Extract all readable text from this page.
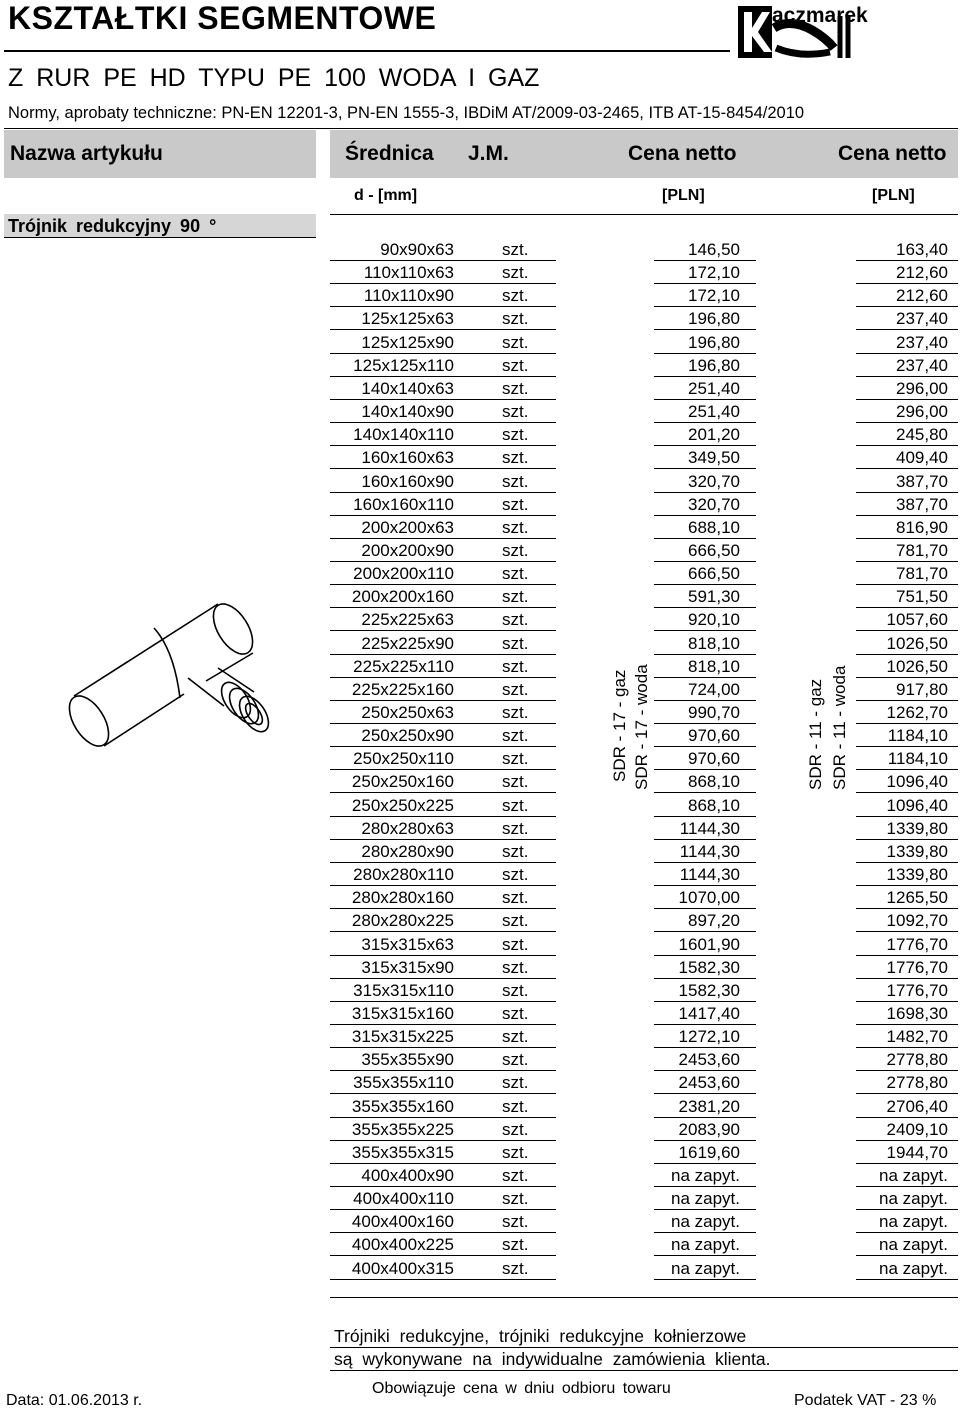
KSZTAŁTKI SEGMENTOWE	aczmarek
Z RUR PE HD TYPU PE 100 WODA I GAZ
Normy, aprobaty techniczne: PN-EN 12201-3, PN-EN 1555-3, IBDiM AT/2009-03-2465, ITB AT-15-8454/2010
Nazwa artykułu	Średnica J.M.	Cena netto	Cena netto
d - [mm]	[PLN]	[PLN]
Trójnik redukcyjny 90 °
90x90x63	szt.	146,50	163,40
110x110x63	szt.	172,10	212,60
110x110x90	szt.	172,10	212,60
125x125x63	szt.	196,80	237,40
125x125x90	szt.	196,80	237,40
125x125x110	szt.	196,80	237,40
140x140x63	szt.	251,40	296,00
140x140x90	szt.	251,40	296,00
140x140x110	szt.	201,20	245,80
160x160x63	szt.	349,50	409,40
160x160x90	szt.	320,70	387,70
160x160x110	szt.	320,70	387,70
200x200x63	szt.	688,10	816,90
200x200x90	szt.	666,50	781,70
200x200x110	szt.	666,50	781,70
200x200x160	szt.	591,30	751,50
225x225x63	szt.	920,10	1057,60
225x225x90	szt.	818,10	1026,50
225x225x110	szt.	818,10	1026,50
225x225x160	szt.	724,00	917,80
250x250x63	szt.	990,70	1262,70
250x250x90	szt.	970,60	1184,10
250x250x110	szt.	970,60	1184,10
250x250x160	szt.	868,10	1096,40
250x250x225	szt.	868,10	1096,40
280x280x63	szt.	1144,30	1339,80
280x280x90	szt.	1144,30	1339,80
280x280x110	szt.	1144,30	1339,80
280x280x160	szt.	1070,00	1265,50
280x280x225	szt.	897,20	1092,70
315x315x63	szt.	1601,90	1776,70
315x315x90	szt.	1582,30	1776,70
315x315x110	szt.	1582,30	1776,70
315x315x160	szt.	1417,40	1698,30
315x315x225	szt.	1272,10	1482,70
355x355x90	szt.	2453,60	2778,80
355x355x110	szt.	2453,60	2778,80
355x355x160	szt.	2381,20	2706,40
355x355x225	szt.	2083,90	2409,10
355x355x315	szt.	1619,60	1944,70
400x400x90	szt.	na zapyt.	na zapyt.
400x400x110	szt.	na zapyt.	na zapyt.
400x400x160	szt.	na zapyt.	na zapyt.
400x400x225	szt.	na zapyt.	na zapyt.
400x400x315	szt.	na zapyt.	na zapyt.
SDR - 17 - gaz SDR - 17 - woda	SDR - 11 - gaz SDR - 11 - woda
Trójniki redukcyjne, trójniki redukcyjne kołnierzowe
są wykonywane na indywidualne zamówienia klienta.
Data: 01.06.2013 r.
Obowiązuje cena w dniu odbioru towaru
Podatek VAT - 23 %
